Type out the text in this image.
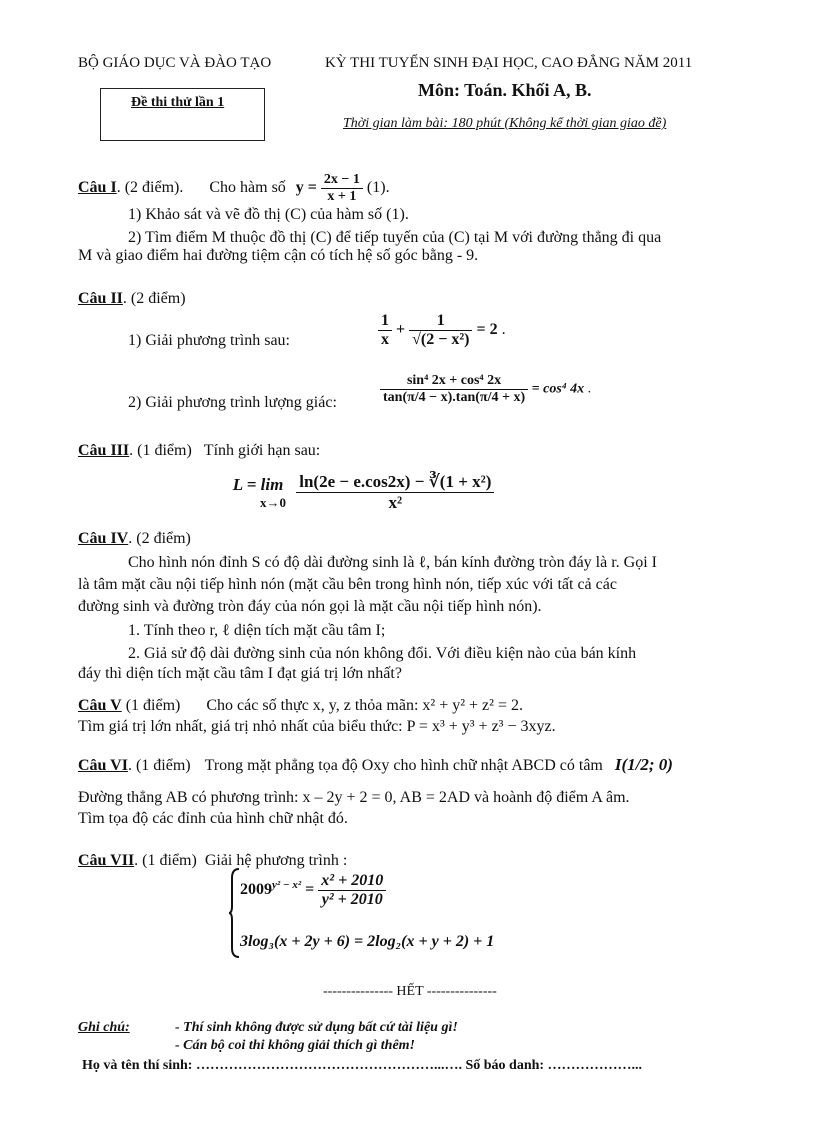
BỘ GIÁO DỤC VÀ ĐÀO TẠO	KỲ THI TUYỂN SINH ĐẠI HỌC, CAO ĐẲNG NĂM 2011
Đề thi thử lần 1
Môn: Toán. Khối A, B.
Thời gian làm bài: 180 phút (Không kể thời gian giao đề)
Câu I. (2 điểm). Cho hàm số $y = \frac{2x - 1}{x + 1} (1)$.
1) Khảo sát và vẽ đồ thị (C) của hàm số (1).
2) Tìm điểm M thuộc đồ thị (C) để tiếp tuyến của (C) tại M với đường thẳng đi qua
M và giao điểm hai đường tiệm cận có tích hệ số góc bằng - 9.
Câu II. (2 điểm)
1) Giải phương trình sau:	$\frac{1}{x} + \frac{1}{\text{√(2 − x²)}} = 2$ .
2) Giải phương trình lượng giác:	$\frac{\text{sin⁴ 2x + cos⁴ 2x}}{\tan(\pi/4 - x).\tan(\pi/4 + x)} = \cos^4$ 4x .
Câu III. (1 điểm) Tính giới hạn sau:
L = lim
x→0
$\frac{\text{ln(2e − e.cos2x) − ∛(1 + x²)}}{\text{x²}}$
Câu IV. (2 điểm)
Cho hình nón đỉnh S có độ dài đường sinh là ℓ, bán kính đường tròn đáy là r. Gọi I
là tâm mặt cầu nội tiếp hình nón (mặt cầu bên trong hình nón, tiếp xúc với tất cả các
đường sinh và đường tròn đáy của nón gọi là mặt cầu nội tiếp hình nón).
1. Tính theo r, ℓ diện tích mặt cầu tâm I;
2. Giả sử độ dài đường sinh của nón không đổi. Với điều kiện nào của bán kính
đáy thì diện tích mặt cầu tâm I đạt giá trị lớn nhất?
Câu V (1 điểm) Cho các số thực x, y, z thỏa mãn: x² + y² + z² = 2.
Tìm giá trị lớn nhất, giá trị nhỏ nhất của biểu thức: P = x³ + y³ + z³ − 3xyz.
Câu VI. (1 điểm) Trong mặt phẳng tọa độ Oxy cho hình chữ nhật ABCD có tâm I(1/2; 0)
Đường thẳng AB có phương trình: x – 2y + 2 = 0, AB = 2AD và hoành độ điểm A âm.
Tìm tọa độ các đỉnh của hình chữ nhật đó.
Câu VII. (1 điểm) Giải hệ phương trình :
$2009^{y^2 - x^2} = \frac{\text{x² + 2010}}{\text{y² + 2010}}$
3log₃(x + 2y + 6) = 2log₂(x + y + 2) + 1
--------------- HẾT ---------------
Ghi chú:	- Thí sinh không được sử dụng bất cứ tài liệu gì!
- Cán bộ coi thi không giải thích gì thêm!
Họ và tên thí sinh: ……………………………………………...…. Số báo danh: ………………...
